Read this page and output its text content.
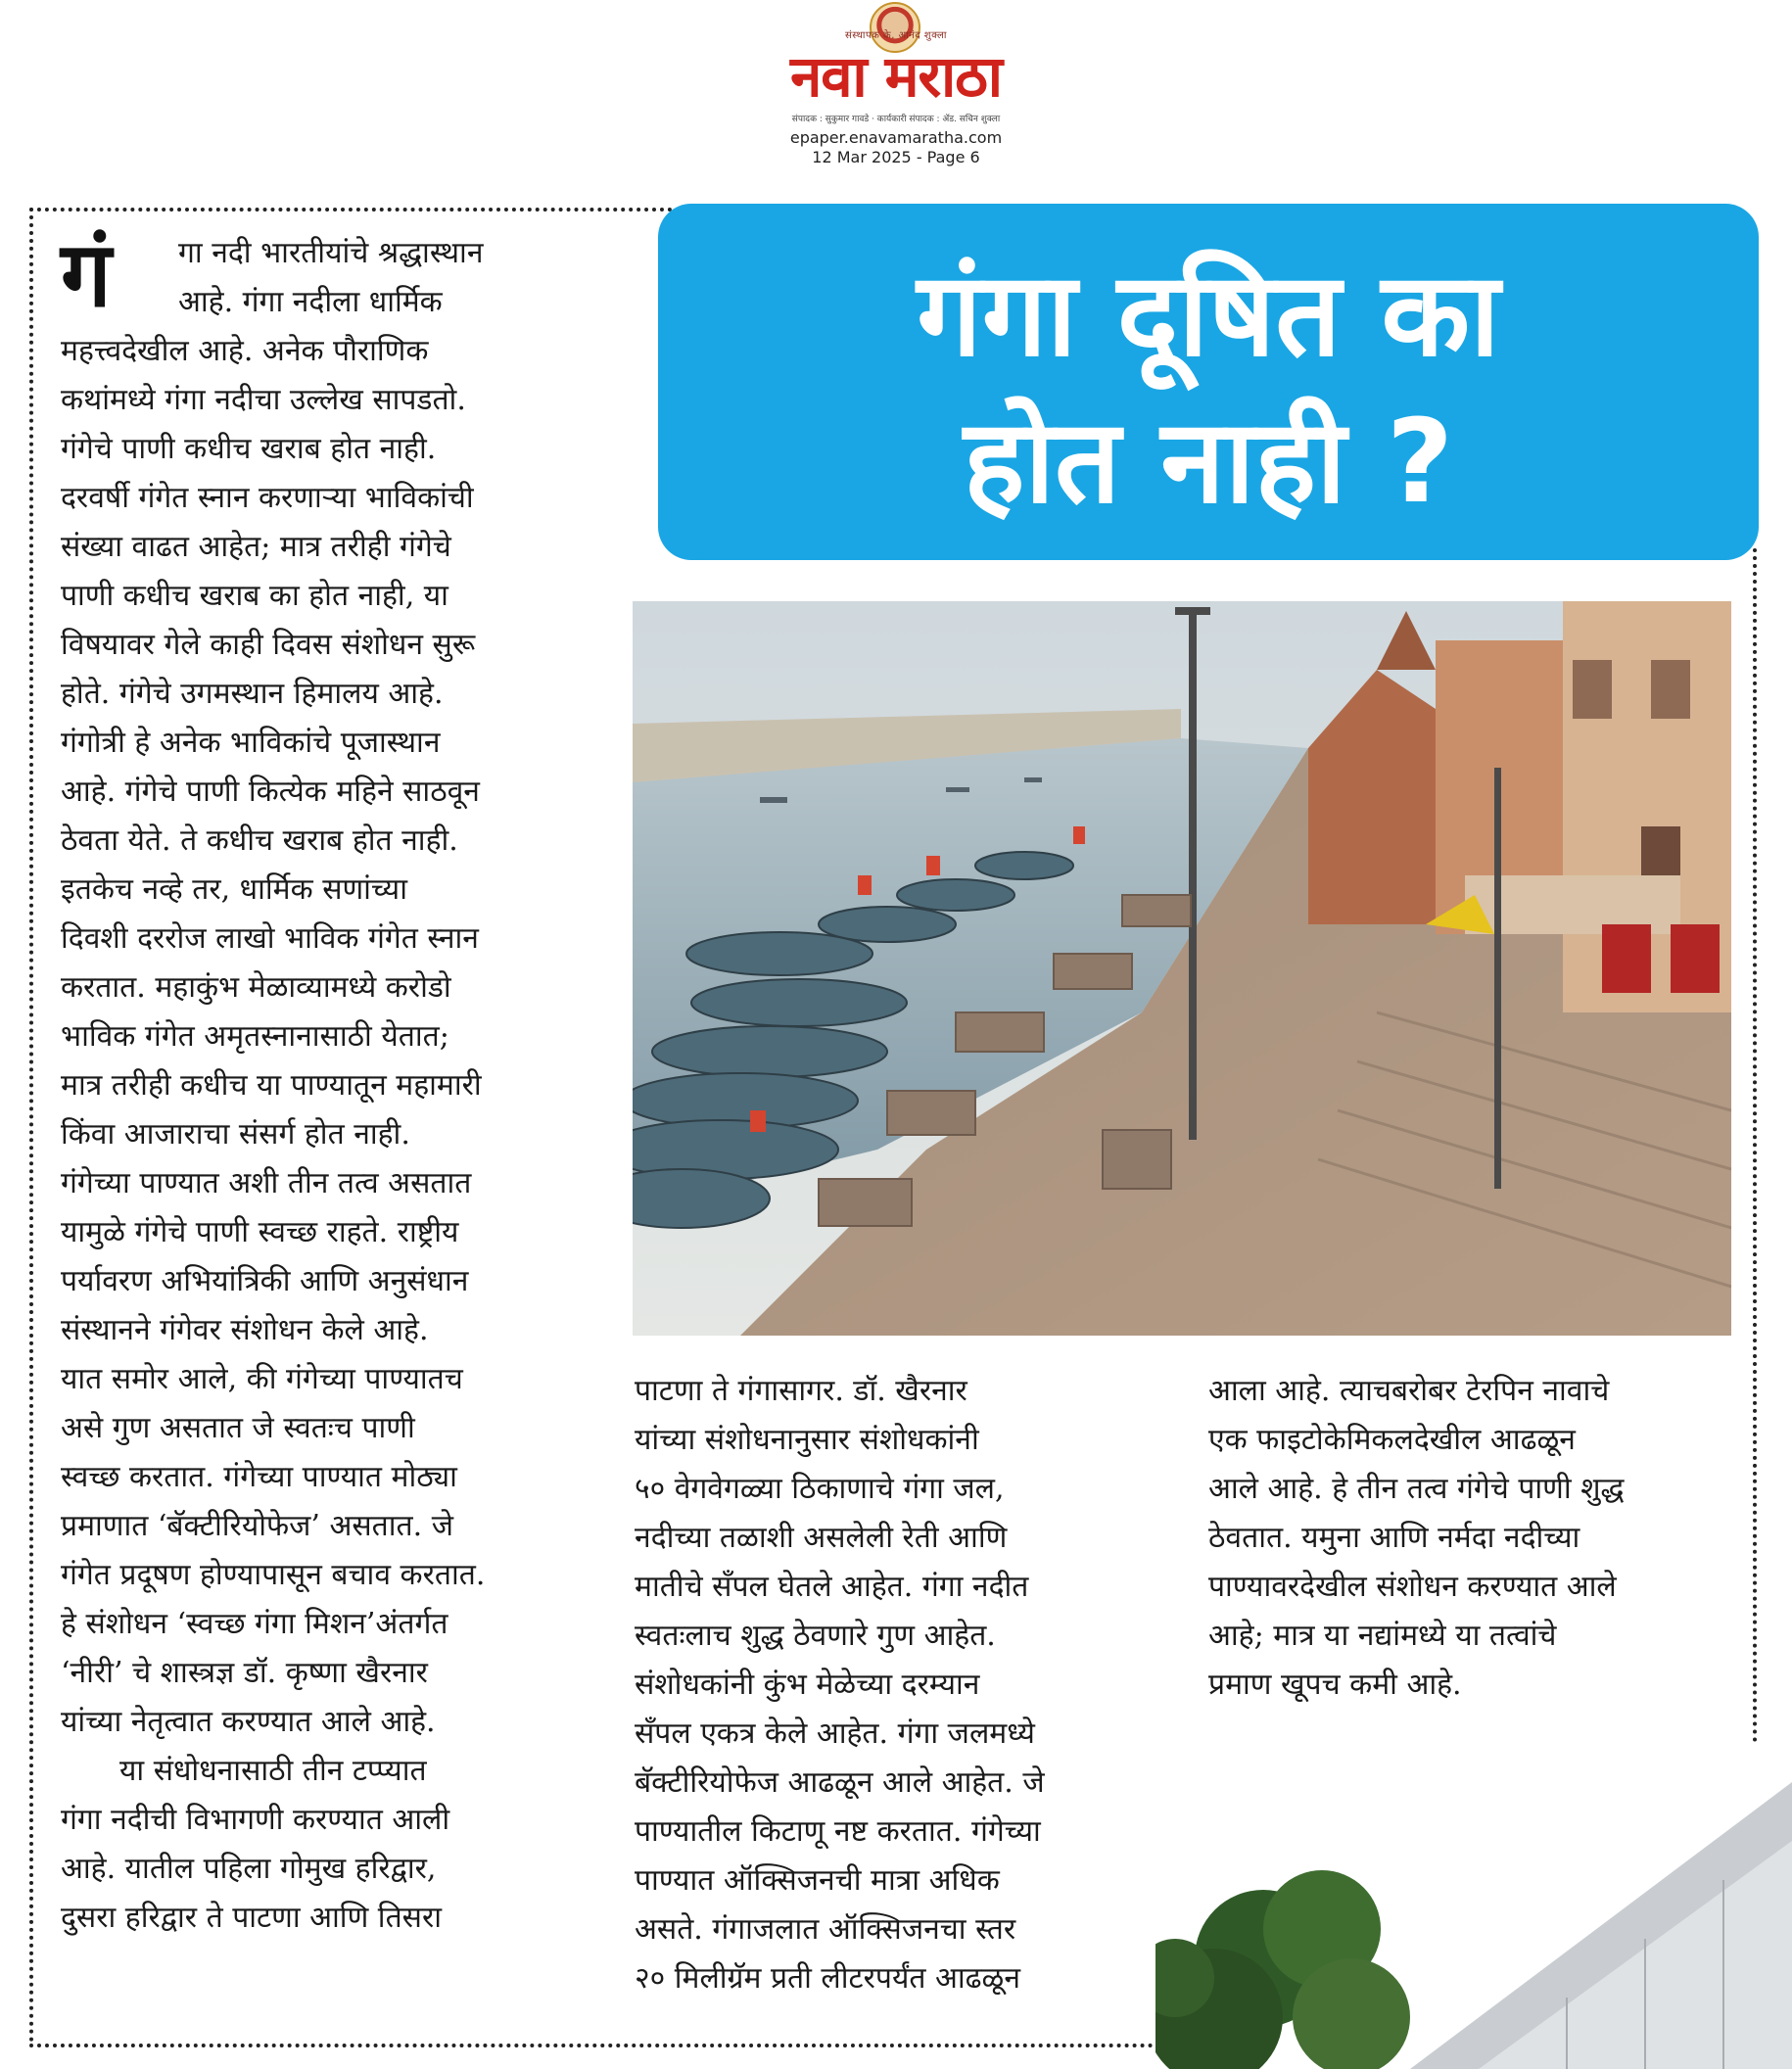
संस्थापक के. आनंद शुक्ला
नवा मराठा
संपादक : सुकुमार गावडे · कार्यकारी संपादक : ॲड. सचिन शुक्ला
epaper.enavamaratha.com
12 Mar 2025 - Page 6
गंगा दूषित का
होत नाही ?
गं	गा नदी भारतीयांचे श्रद्धास्थान

आहे. गंगा नदीला धार्मिक

महत्त्वदेखील आहे. अनेक पौराणिक

कथांमध्ये गंगा नदीचा उल्लेख सापडतो.

गंगेचे पाणी कधीच खराब होत नाही.

दरवर्षी गंगेत स्नान करणाऱ्या भाविकांची

संख्या वाढत आहेत; मात्र तरीही गंगेचे

पाणी कधीच खराब का होत नाही, या

विषयावर गेले काही दिवस संशोधन सुरू

होते. गंगेचे उगमस्थान हिमालय आहे.

गंगोत्री हे अनेक भाविकांचे पूजास्थान

आहे. गंगेचे पाणी कित्येक महिने साठवून

ठेवता येते. ते कधीच खराब होत नाही.

इतकेच नव्हे तर, धार्मिक सणांच्या

दिवशी दररोज लाखो भाविक गंगेत स्नान

करतात. महाकुंभ मेळाव्यामध्ये करोडो

भाविक गंगेत अमृतस्नानासाठी येतात;

मात्र तरीही कधीच या पाण्यातून महामारी

किंवा आजाराचा संसर्ग होत नाही.

गंगेच्या पाण्यात अशी तीन तत्व असतात

यामुळे गंगेचे पाणी स्वच्छ राहते. राष्ट्रीय

पर्यावरण अभियांत्रिकी आणि अनुसंधान

संस्थानने गंगेवर संशोधन केले आहे.

यात समोर आले, की गंगेच्या पाण्यातच

असे गुण असतात जे स्वतःच पाणी

स्वच्छ करतात. गंगेच्या पाण्यात मोठ्या

प्रमाणात ‘बॅक्टीरियोफेज’ असतात. जे

गंगेत प्रदूषण होण्यापासून बचाव करतात.

हे संशोधन ‘स्वच्छ गंगा मिशन’अंतर्गत

‘नीरी’ चे शास्त्रज्ञ डॉ. कृष्णा खैरनार

यांच्या नेतृत्वात करण्यात आले आहे.

या संधोधनासाठी तीन टप्प्यात

गंगा नदीची विभागणी करण्यात आली

आहे. यातील पहिला गोमुख हरिद्वार,

दुसरा हरिद्वार ते पाटणा आणि तिसरा

पाटणा ते गंगासागर. डॉ. खैरनार

यांच्या संशोधनानुसार संशोधकांनी

५० वेगवेगळ्या ठिकाणाचे गंगा जल,

नदीच्या तळाशी असलेली रेती आणि

मातीचे सँपल घेतले आहेत. गंगा नदीत

स्वतःलाच शुद्ध ठेवणारे गुण आहेत.

संशोधकांनी कुंभ मेळेच्या दरम्यान

सँपल एकत्र केले आहेत. गंगा जलमध्ये

बॅक्टीरियोफेज आढळून आले आहेत. जे

पाण्यातील किटाणू नष्ट करतात. गंगेच्या

पाण्यात ऑक्सिजनची मात्रा अधिक

असते. गंगाजलात ऑक्सिजनचा स्तर

२० मिलीग्रॅम प्रती लीटरपर्यंत आढळून

आला आहे. त्याचबरोबर टेरपिन नावाचे

एक फाइटोकेमिकलदेखील आढळून

आले आहे. हे तीन तत्व गंगेचे पाणी शुद्ध

ठेवतात. यमुना आणि नर्मदा नदीच्या

पाण्यावरदेखील संशोधन करण्यात आले

आहे; मात्र या नद्यांमध्ये या तत्वांचे

प्रमाण खूपच कमी आहे.
